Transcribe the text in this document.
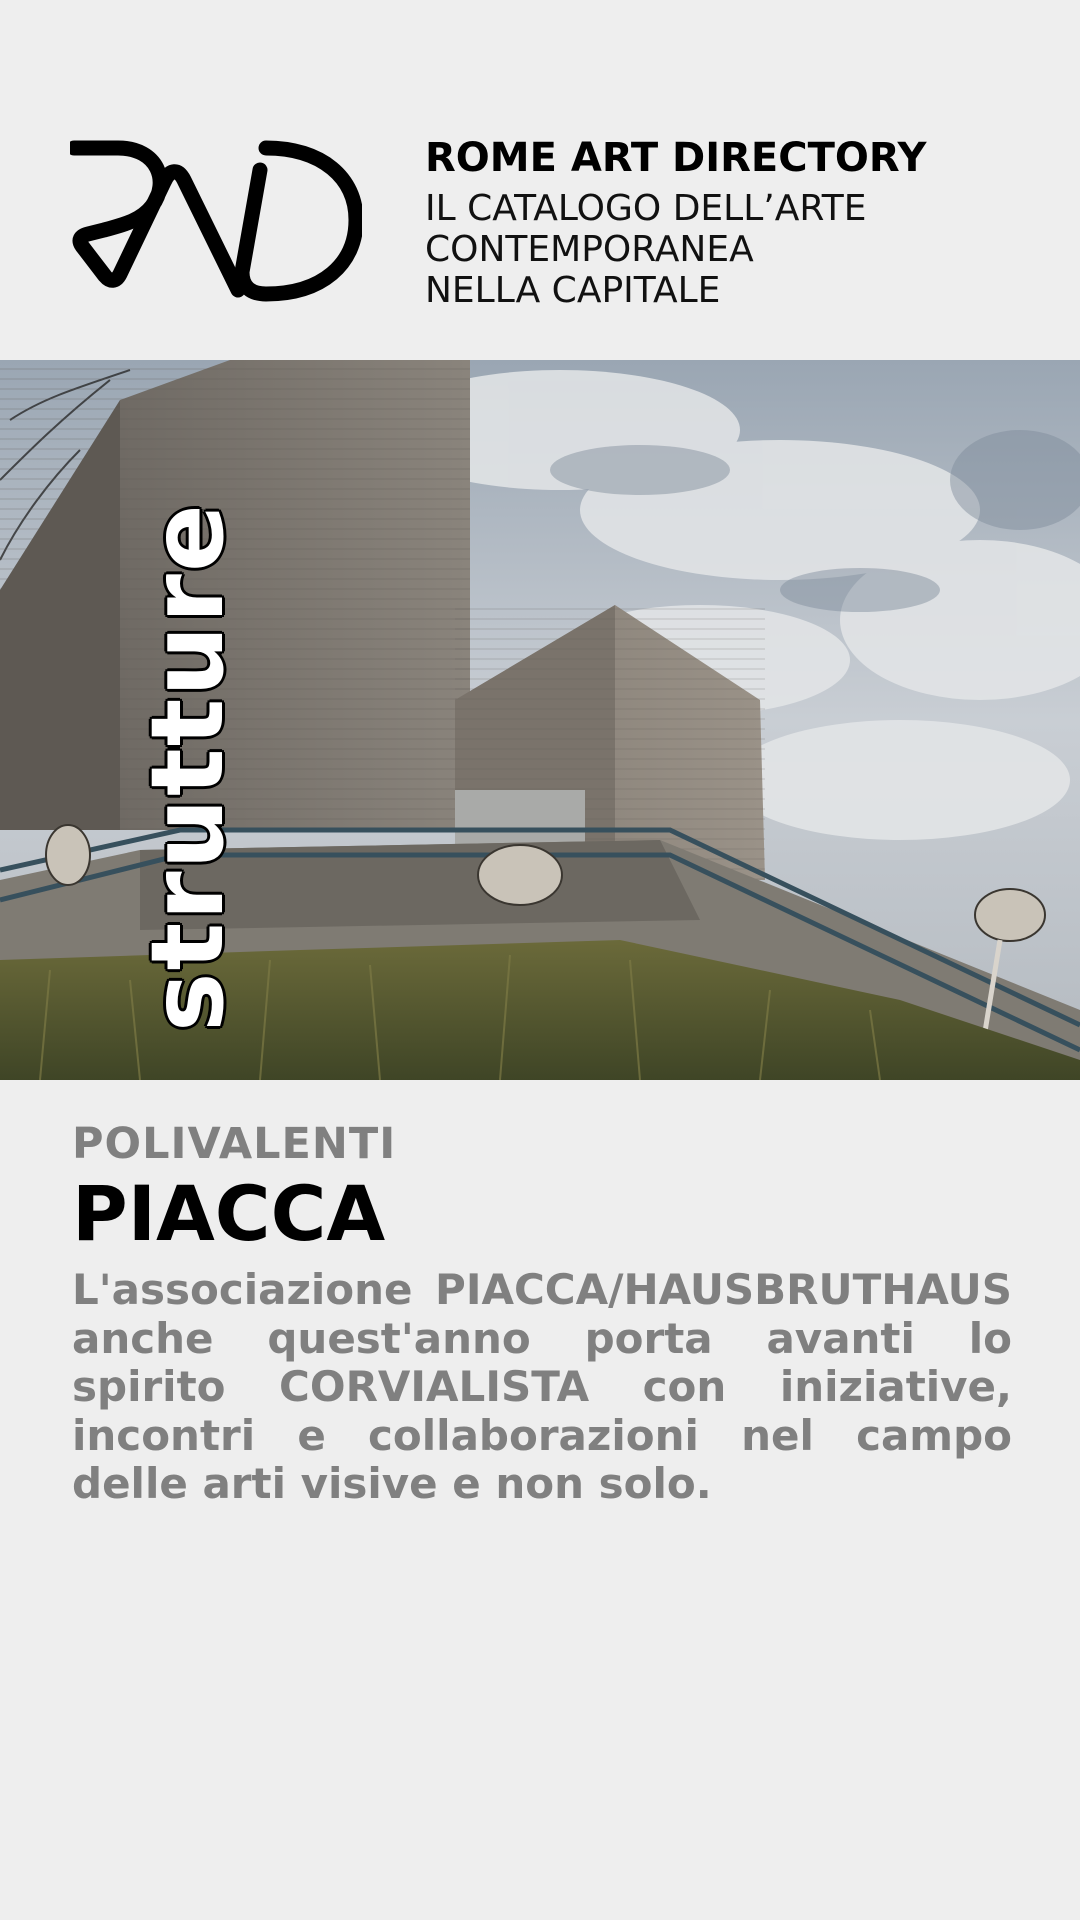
ROME ART DIRECTORY
IL CATALOGO DELL’ARTE
CONTEMPORANEA
NELLA CAPITALE
strutture
POLIVALENTI
PIACCA
L'associazione PIACCA/HAUSBRUTHAUS anche quest'anno porta avanti lo spirito CORVIALISTA con iniziative, incontri e collaborazioni nel campo delle arti visive e non solo.
